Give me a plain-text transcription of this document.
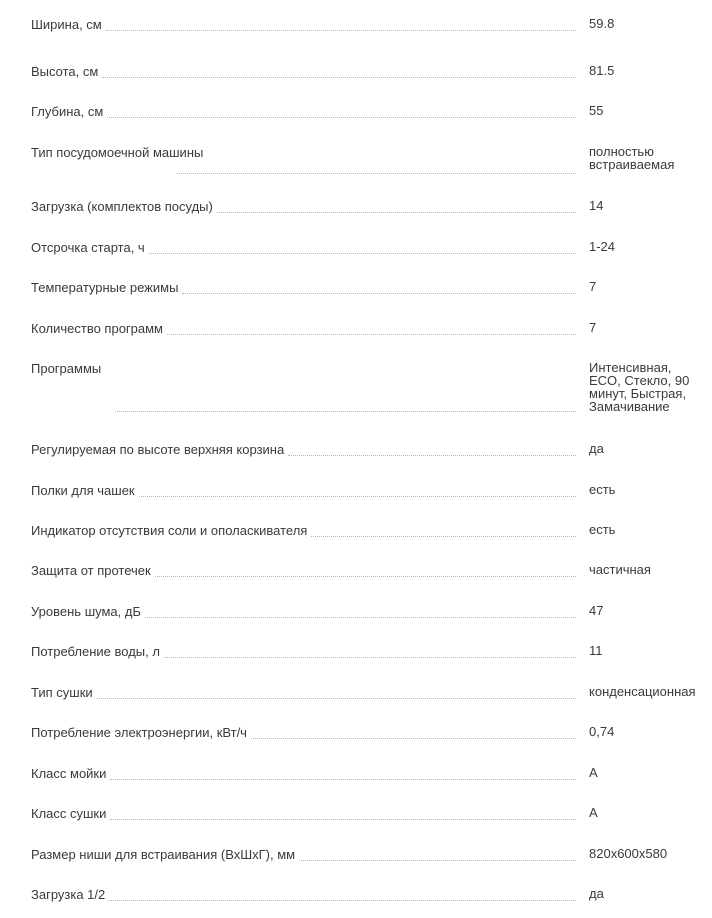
Ширина, см	59.8
Высота, см	81.5
Глубина, см	55
Тип посудомоечной машины	полностью встраиваемая
Загрузка (комплектов посуды)	14
Отсрочка старта, ч	1-24
Температурные режимы	7
Количество программ	7
Программы	Интенсивная, ECO, Стекло, 90 минут, Быстрая, Замачивание
Регулируемая по высоте верхняя корзина	да
Полки для чашек	есть
Индикатор отсутствия соли и ополаскивателя	есть
Защита от протечек	частичная
Уровень шума, дБ	47
Потребление воды, л	11
Тип сушки	конденсационная
Потребление электроэнергии, кВт/ч	0,74
Класс мойки	A
Класс сушки	A
Размер ниши для встраивания (ВхШхГ), мм	820x600x580
Загрузка 1/2	да
